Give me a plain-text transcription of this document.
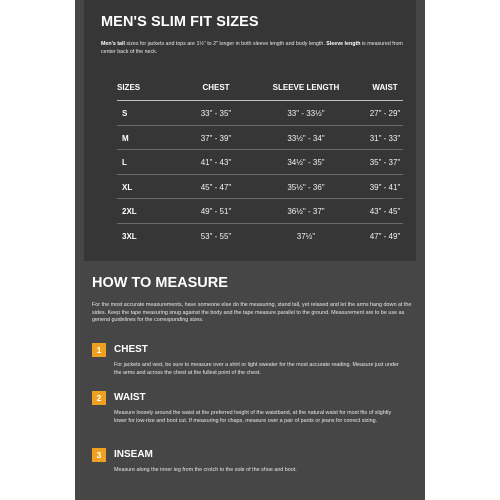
MEN'S SLIM FIT SIZES
Men's tall sizes for jackets and tops are 1½" to 2" longer in both sleeve length and body length. Sleeve length is measured from center back of the neck.
SIZES	CHEST	SLEEVE LENGTH	WAIST
S	33" - 35"	33" - 33½"	27" - 29"
M	37" - 39"	33½" - 34"	31" - 33"
L	41" - 43"	34½" - 35"	35" - 37"
XL	45" - 47"	35½" - 36"	39" - 41"
2XL	49" - 51"	36½" - 37"	43" - 45"
3XL	53" - 55"	37½"	47" - 49"
HOW TO MEASURE
For the most accurate measurements, have someone else do the measuring, stand tall, yet relaxed and let the arms hang down at the sides. Keep the tape measuring snug against the body and the tape measure parallel to the ground. Measurement are to be use as general guidelines for the corresponding sizes.
1	CHEST
For jackets and vest, be sure to measure over a shirt or light sweater for the most accurate reading. Measure just under the arms and across the chest at the fullest point of the chest.
2	WAIST
Measure loosely around the waist at the preferred height of the waistband, at the natural waist for most fits of slightly lower for low-rise and boot cut. If measuring for chaps, measure over a pair of pants or jeans for correct sizing.
3	INSEAM
Measure along the inner leg from the crotch to the sole of the shoe and boot.
